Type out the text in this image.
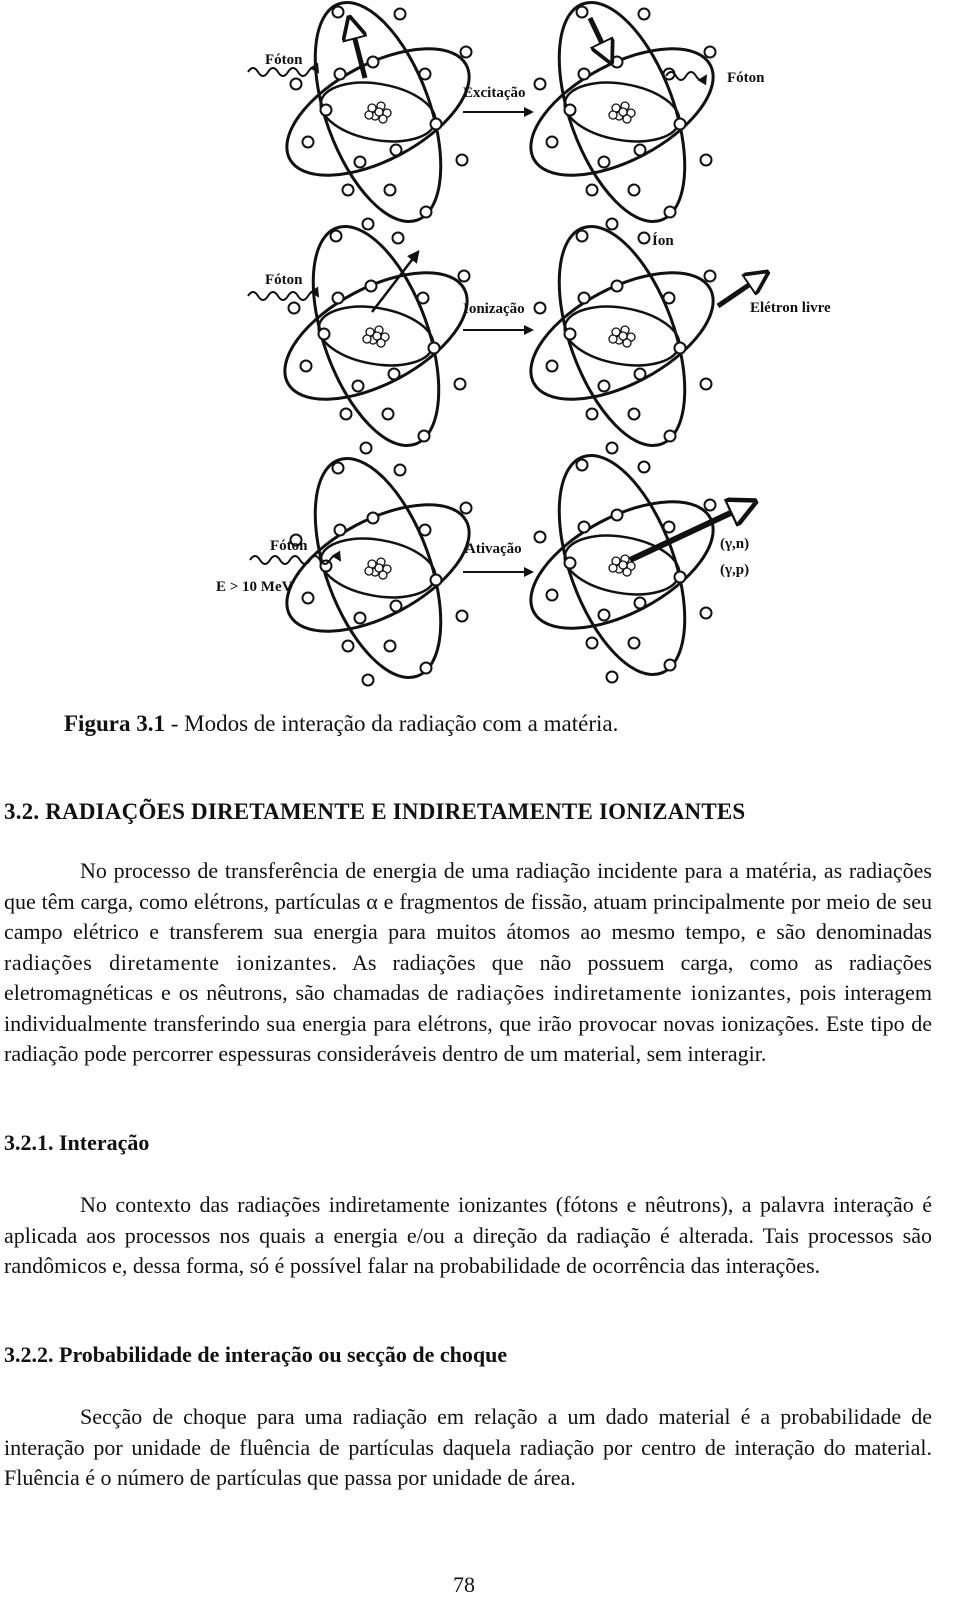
Fóton
Excitação
Fóton
Fóton
Ionização
Íon
Elétron livre
Fóton
E > 10 MeV
Ativação	(γ,n)
(γ,p)
Figura 3.1 - Modos de interação da radiação com a matéria.
3.2. RADIAÇÕES DIRETAMENTE E INDIRETAMENTE IONIZANTES

No processo de transferência de energia de uma radiação incidente para a matéria, as radiações que têm carga, como elétrons, partículas α e fragmentos de fissão, atuam principalmente por meio de seu campo elétrico e transferem sua energia para muitos átomos ao mesmo tempo, e são denominadas radiações diretamente ionizantes. As radiações que não possuem carga, como as radiações eletromagnéticas e os nêutrons, são chamadas de radiações indiretamente ionizantes, pois interagem individualmente transferindo sua energia para elétrons, que irão provocar novas ionizações. Este tipo de radiação pode percorrer espessuras consideráveis dentro de um material, sem interagir.

3.2.1. Interação

No contexto das radiações indiretamente ionizantes (fótons e nêutrons), a palavra interação é aplicada aos processos nos quais a energia e/ou a direção da radiação é alterada. Tais processos são randômicos e, dessa forma, só é possível falar na probabilidade de ocorrência das interações.

3.2.2. Probabilidade de interação ou secção de choque

Secção de choque para uma radiação em relação a um dado material é a probabilidade de interação por unidade de fluência de partículas daquela radiação por centro de interação do material. Fluência é o número de partículas que passa por unidade de área.

78
